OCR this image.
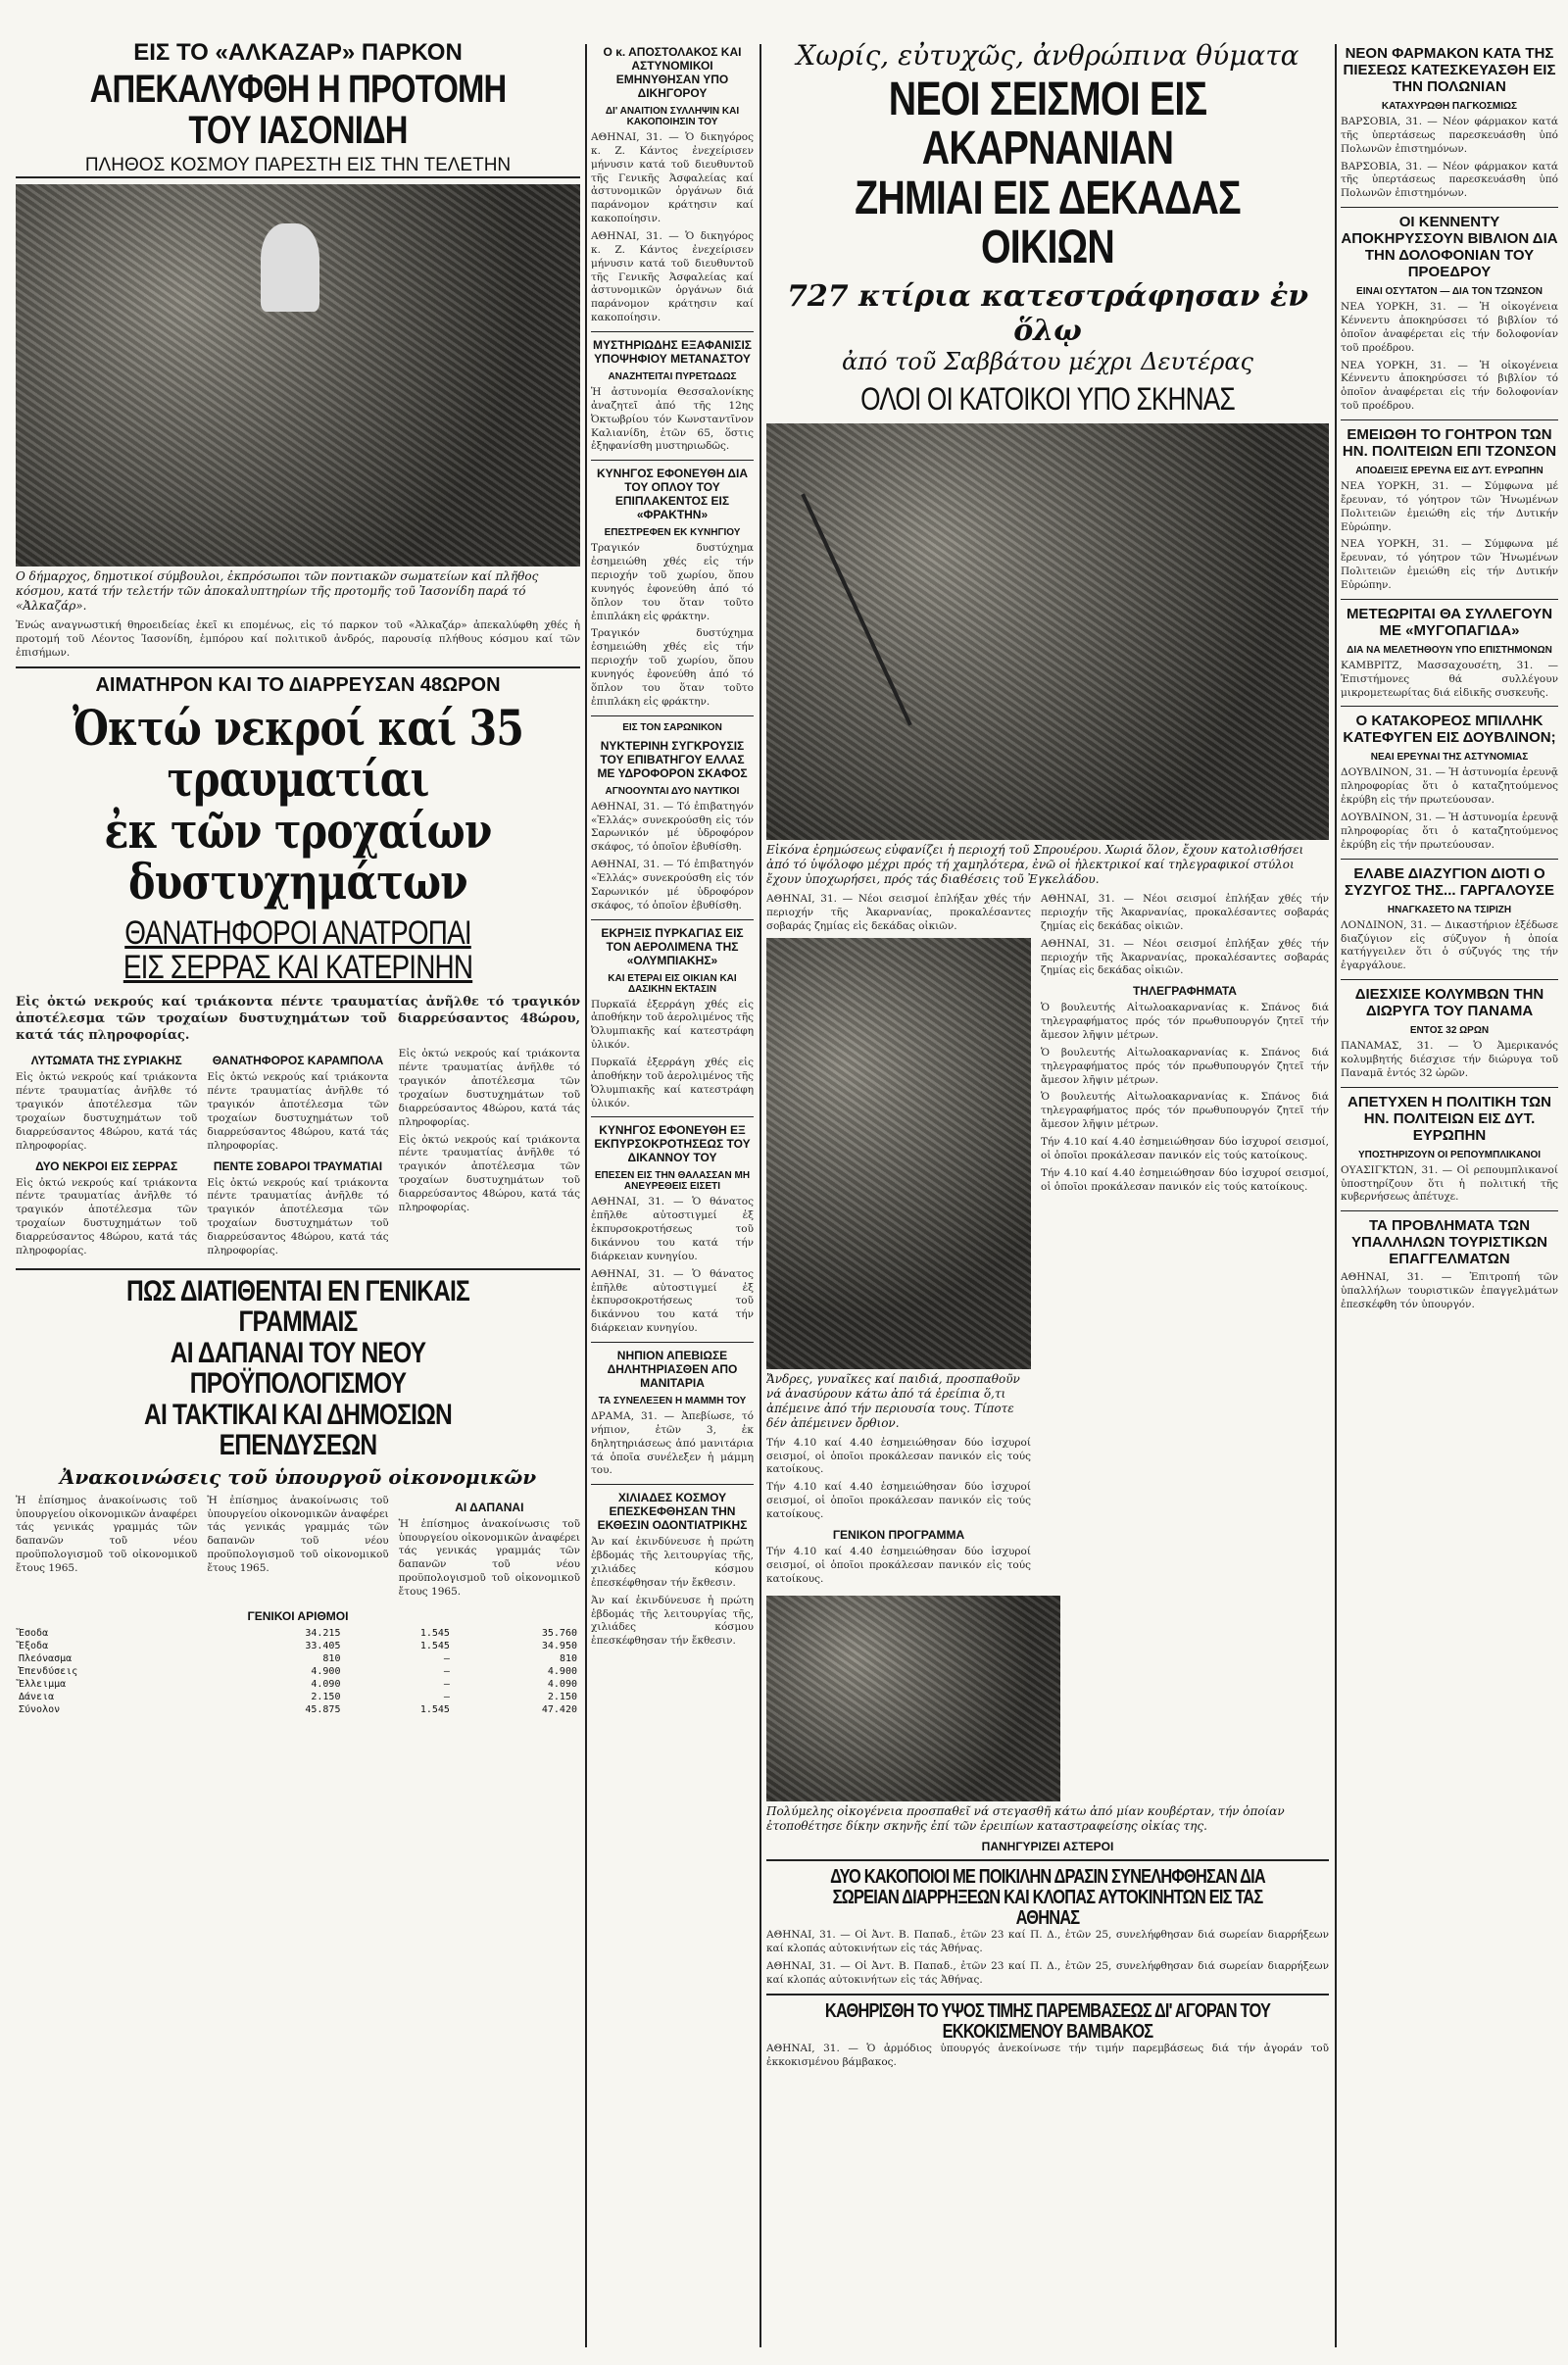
ΕΙΣ ΤΟ «ΑΛΚΑΖΑΡ» ΠΑΡΚΟΝ
ΑΠΕΚΑΛΥΦΘΗ Η ΠΡΟΤΟΜΗ ΤΟΥ ΙΑΣΟΝΙΔΗ
ΠΛΗΘΟΣ ΚΟΣΜΟΥ ΠΑΡΕΣΤΗ ΕΙΣ ΤΗΝ ΤΕΛΕΤΗΝ

Ο δήμαρχος, δημοτικοί σύμβουλοι, ἐκπρόσωποι τῶν ποντιακῶν σωματείων καί πλῆθος κόσμου, κατά τήν τελετήν τῶν ἀποκαλυπτηρίων τῆς προτομῆς τοῦ Ἰασονίδη παρά τό «Ἀλκαζάρ».

Ἐνώς αναγνωστική θηροειδείας ἐκεῖ κι επομένως, εἰς τό παρκον τοῦ «Ἀλκαζάρ» ἀπεκαλύφθη χθές ἡ προτομή τοῦ Λέοντος Ἰασονίδη, ἐμπόρου καί πολιτικοῦ ἀνδρός, παρουσίᾳ πλήθους κόσμου καί τῶν ἐπισήμων.

ΑΙΜΑΤΗΡΟΝ ΚΑΙ ΤΟ ΔΙΑΡΡΕΥΣΑΝ 48ΩΡΟΝ
Ὀκτώ νεκροί καί 35 τραυματίαι
ἐκ τῶν τροχαίων δυστυχημάτων
ΘΑΝΑΤΗΦΟΡΟΙ ΑΝΑΤΡΟΠΑΙ
ΕΙΣ ΣΕΡΡΑΣ ΚΑΙ ΚΑΤΕΡΙΝΗΝ

Εἰς ὀκτώ νεκρούς καί τριάκοντα πέντε τραυματίας ἀνῆλθε τό τραγικόν ἀποτέλεσμα τῶν τροχαίων δυστυχημάτων τοῦ διαρρεύσαντος 48ώρου, κατά τάς πληροφορίας.

ΛΥΤΩΜΑΤΑ ΤΗΣ ΣΥΡΙΑΚΗΣ

Εἰς ὀκτώ νεκρούς καί τριάκοντα πέντε τραυματίας ἀνῆλθε τό τραγικόν ἀποτέλεσμα τῶν τροχαίων δυστυχημάτων τοῦ διαρρεύσαντος 48ώρου, κατά τάς πληροφορίας.

ΔΥΟ ΝΕΚΡΟΙ ΕΙΣ ΣΕΡΡΑΣ

Εἰς ὀκτώ νεκρούς καί τριάκοντα πέντε τραυματίας ἀνῆλθε τό τραγικόν ἀποτέλεσμα τῶν τροχαίων δυστυχημάτων τοῦ διαρρεύσαντος 48ώρου, κατά τάς πληροφορίας.

ΘΑΝΑΤΗΦΟΡΟΣ ΚΑΡΑΜΠΟΛΑ

Εἰς ὀκτώ νεκρούς καί τριάκοντα πέντε τραυματίας ἀνῆλθε τό τραγικόν ἀποτέλεσμα τῶν τροχαίων δυστυχημάτων τοῦ διαρρεύσαντος 48ώρου, κατά τάς πληροφορίας.

ΠΕΝΤΕ ΣΟΒΑΡΟΙ ΤΡΑΥΜΑΤΙΑΙ

Εἰς ὀκτώ νεκρούς καί τριάκοντα πέντε τραυματίας ἀνῆλθε τό τραγικόν ἀποτέλεσμα τῶν τροχαίων δυστυχημάτων τοῦ διαρρεύσαντος 48ώρου, κατά τάς πληροφορίας.

Εἰς ὀκτώ νεκρούς καί τριάκοντα πέντε τραυματίας ἀνῆλθε τό τραγικόν ἀποτέλεσμα τῶν τροχαίων δυστυχημάτων τοῦ διαρρεύσαντος 48ώρου, κατά τάς πληροφορίας.

Εἰς ὀκτώ νεκρούς καί τριάκοντα πέντε τραυματίας ἀνῆλθε τό τραγικόν ἀποτέλεσμα τῶν τροχαίων δυστυχημάτων τοῦ διαρρεύσαντος 48ώρου, κατά τάς πληροφορίας.

ΠΩΣ ΔΙΑΤΙΘΕΝΤΑΙ ΕΝ ΓΕΝΙΚΑΙΣ ΓΡΑΜΜΑΙΣ
ΑΙ ΔΑΠΑΝΑΙ ΤΟΥ ΝΕΟΥ ΠΡΟΫΠΟΛΟΓΙΣΜΟΥ
ΑΙ ΤΑΚΤΙΚΑΙ ΚΑΙ ΔΗΜΟΣΙΩΝ ΕΠΕΝΔΥΣΕΩΝ
Ἀνακοινώσεις τοῦ ὑπουργοῦ οἰκονομικῶν

Ἡ ἐπίσημος ἀνακοίνωσις τοῦ ὑπουργείου οἰκονομικῶν ἀναφέρει τάς γενικάς γραμμάς τῶν δαπανῶν τοῦ νέου προϋπολογισμοῦ τοῦ οἰκονομικοῦ ἔτους 1965.

Ἡ ἐπίσημος ἀνακοίνωσις τοῦ ὑπουργείου οἰκονομικῶν ἀναφέρει τάς γενικάς γραμμάς τῶν δαπανῶν τοῦ νέου προϋπολογισμοῦ τοῦ οἰκονομικοῦ ἔτους 1965.

ΑΙ ΔΑΠΑΝΑΙ

Ἡ ἐπίσημος ἀνακοίνωσις τοῦ ὑπουργείου οἰκονομικῶν ἀναφέρει τάς γενικάς γραμμάς τῶν δαπανῶν τοῦ νέου προϋπολογισμοῦ τοῦ οἰκονομικοῦ ἔτους 1965.

ΓΕΝΙΚΟΙ ΑΡΙΘΜΟΙ
Ἔσοδα	34.215	1.545	35.760
Ἔξοδα	33.405	1.545	34.950
Πλεόνασμα	810	—	810
Ἐπενδύσεις	4.900	—	4.900
Ἔλλειμμα	4.090	—	4.090
Δάνεια	2.150	—	2.150
Σύνολον	45.875	1.545	47.420
Ο κ. ΑΠΟΣΤΟΛΑΚΟΣ ΚΑΙ ΑΣΤΥΝΟΜΙΚΟΙ ΕΜΗΝΥΘΗΣΑΝ ΥΠΟ ΔΙΚΗΓΟΡΟΥ
ΔΙ' ΑΝΑΙΤΙΟΝ ΣΥΛΛΗΨΙΝ ΚΑΙ ΚΑΚΟΠΟΙΗΣΙΝ ΤΟΥ

ΑΘΗΝΑΙ, 31. — Ὁ δικηγόρος κ. Ζ. Κάντος ἐνεχείρισεν μήνυσιν κατά τοῦ διευθυντοῦ τῆς Γενικῆς Ἀσφαλείας καί ἀστυνομικῶν ὀργάνων διά παράνομον κράτησιν καί κακοποίησιν.

ΑΘΗΝΑΙ, 31. — Ὁ δικηγόρος κ. Ζ. Κάντος ἐνεχείρισεν μήνυσιν κατά τοῦ διευθυντοῦ τῆς Γενικῆς Ἀσφαλείας καί ἀστυνομικῶν ὀργάνων διά παράνομον κράτησιν καί κακοποίησιν.

ΜΥΣΤΗΡΙΩΔΗΣ ΕΞΑΦΑΝΙΣΙΣ ΥΠΟΨΗΦΙΟΥ ΜΕΤΑΝΑΣΤΟΥ
ΑΝΑΖΗΤΕΙΤΑΙ ΠΥΡΕΤΩΔΩΣ

Ἡ ἀστυνομία Θεσσαλονίκης ἀναζητεῖ ἀπό τῆς 12ης Ὀκτωβρίου τόν Κωνσταντῖνον Καλιανίδη, ἐτῶν 65, ὅστις ἐξηφανίσθη μυστηριωδῶς.

ΚΥΝΗΓΟΣ ΕΦΟΝΕΥΘΗ ΔΙΑ ΤΟΥ ΟΠΛΟΥ ΤΟΥ ΕΠΙΠΛΑΚΕΝΤΟΣ ΕΙΣ «ΦΡΑΚΤΗΝ»
ΕΠΕΣΤΡΕΦΕΝ ΕΚ ΚΥΝΗΓΙΟΥ

Τραγικόν δυστύχημα ἐσημειώθη χθές εἰς τήν περιοχήν τοῦ χωρίου, ὅπου κυνηγός ἐφονεύθη ἀπό τό ὅπλον του ὅταν τοῦτο ἐπιπλάκη εἰς φράκτην.

Τραγικόν δυστύχημα ἐσημειώθη χθές εἰς τήν περιοχήν τοῦ χωρίου, ὅπου κυνηγός ἐφονεύθη ἀπό τό ὅπλον του ὅταν τοῦτο ἐπιπλάκη εἰς φράκτην.

ΕΙΣ ΤΟΝ ΣΑΡΩΝΙΚΟΝ
ΝΥΚΤΕΡΙΝΗ ΣΥΓΚΡΟΥΣΙΣ ΤΟΥ ΕΠΙΒΑΤΗΓΟΥ ΕΛΛΑΣ ΜΕ ΥΔΡΟΦΟΡΟΝ ΣΚΑΦΟΣ
ΑΓΝΟΟΥΝΤΑΙ ΔΥΟ ΝΑΥΤΙΚΟΙ

ΑΘΗΝΑΙ, 31. — Τό ἐπιβατηγόν «Ἑλλάς» συνεκρούσθη εἰς τόν Σαρωνικόν μέ ὑδροφόρον σκάφος, τό ὁποῖον ἐβυθίσθη.

ΑΘΗΝΑΙ, 31. — Τό ἐπιβατηγόν «Ἑλλάς» συνεκρούσθη εἰς τόν Σαρωνικόν μέ ὑδροφόρον σκάφος, τό ὁποῖον ἐβυθίσθη.

ΕΚΡΗΞΙΣ ΠΥΡΚΑΓΙΑΣ ΕΙΣ ΤΟΝ ΑΕΡΟΛΙΜΕΝΑ ΤΗΣ «ΟΛΥΜΠΙΑΚΗΣ»
ΚΑΙ ΕΤΕΡΑΙ ΕΙΣ ΟΙΚΙΑΝ ΚΑΙ ΔΑΣΙΚΗΝ ΕΚΤΑΣΙΝ

Πυρκαϊά ἐξερράγη χθές εἰς ἀποθήκην τοῦ ἀερολιμένος τῆς Ὀλυμπιακῆς καί κατεστράφη ὑλικόν.

Πυρκαϊά ἐξερράγη χθές εἰς ἀποθήκην τοῦ ἀερολιμένος τῆς Ὀλυμπιακῆς καί κατεστράφη ὑλικόν.

ΚΥΝΗΓΟΣ ΕΦΟΝΕΥΘΗ ΕΞ ΕΚΠΥΡΣΟΚΡΟΤΗΣΕΩΣ ΤΟΥ ΔΙΚΑΝΝΟΥ ΤΟΥ
ΕΠΕΣΕΝ ΕΙΣ ΤΗΝ ΘΑΛΑΣΣΑΝ ΜΗ ΑΝΕΥΡΕΘΕΙΣ ΕΙΣΕΤΙ

ΑΘΗΝΑΙ, 31. — Ὁ θάνατος ἐπῆλθε αὐτοστιγμεί ἐξ ἐκπυρσοκροτήσεως τοῦ δικάννου του κατά τήν διάρκειαν κυνηγίου.

ΑΘΗΝΑΙ, 31. — Ὁ θάνατος ἐπῆλθε αὐτοστιγμεί ἐξ ἐκπυρσοκροτήσεως τοῦ δικάννου του κατά τήν διάρκειαν κυνηγίου.

ΝΗΠΙΟΝ ΑΠΕΒΙΩΣΕ ΔΗΛΗΤΗΡΙΑΣΘΕΝ ΑΠΟ ΜΑΝΙΤΑΡΙΑ
ΤΑ ΣΥΝΕΛΕΞΕΝ Η ΜΑΜΜΗ ΤΟΥ

ΔΡΑΜΑ, 31. — Ἀπεβίωσε, τό νήπιον, ἐτῶν 3, ἐκ δηλητηριάσεως ἀπό μανιτάρια τά ὁποῖα συνέλεξεν ἡ μάμμη του.

ΧΙΛΙΑΔΕΣ ΚΟΣΜΟΥ ΕΠΕΣΚΕΦΘΗΣΑΝ ΤΗΝ ΕΚΘΕΣΙΝ ΟΔΟΝΤΙΑΤΡΙΚΗΣ

Ἀν καί ἐκινδύνευσε ἡ πρώτη ἑβδομάς τῆς λειτουργίας τῆς, χιλιάδες κόσμου ἐπεσκέφθησαν τήν ἔκθεσιν.

Ἀν καί ἐκινδύνευσε ἡ πρώτη ἑβδομάς τῆς λειτουργίας τῆς, χιλιάδες κόσμου ἐπεσκέφθησαν τήν ἔκθεσιν.

Χωρίς, εὐτυχῶς, ἀνθρώπινα θύματα
ΝΕΟΙ ΣΕΙΣΜΟΙ ΕΙΣ ΑΚΑΡΝΑΝΙΑΝ
ΖΗΜΙΑΙ ΕΙΣ ΔΕΚΑΔΑΣ ΟΙΚΙΩΝ
727 κτίρια κατεστράφησαν ἐν ὅλῳ
ἀπό τοῦ Σαββάτου μέχρι Δευτέρας
ΟΛΟΙ ΟΙ ΚΑΤΟΙΚΟΙ ΥΠΟ ΣΚΗΝΑΣ

Εἰκόνα ἐρημώσεως εὐφανίζει ἡ περιοχή τοῦ Σπρουέρου. Χωριά ὅλον, ἔχουν κατολισθήσει ἀπό τό ὑψόλοφο μέχρι πρός τή χαμηλότερα, ἐνῶ οἱ ἠλεκτρικοί καί τηλεγραφικοί στύλοι ἔχουν ὑποχωρήσει, πρός τάς διαθέσεις τοῦ Ἐγκελάδου.

ΑΘΗΝΑΙ, 31. — Νέοι σεισμοί ἐπλήξαν χθές τήν περιοχήν τῆς Ἀκαρνανίας, προκαλέσαντες σοβαράς ζημίας εἰς δεκάδας οἰκιῶν.

Ἄνδρες, γυναῖκες καί παιδιά, προσπαθοῦν νά ἀνασύρουν κάτω ἀπό τά ἐρείπια ὅ,τι ἀπέμεινε ἀπό τήν περιουσία τους. Τίποτε δέν ἀπέμεινεν ὄρθιον.

Τήν 4.10 καί 4.40 ἐσημειώθησαν δύο ἰσχυροί σεισμοί, οἱ ὁποῖοι προκάλεσαν πανικόν εἰς τούς κατοίκους.

Τήν 4.10 καί 4.40 ἐσημειώθησαν δύο ἰσχυροί σεισμοί, οἱ ὁποῖοι προκάλεσαν πανικόν εἰς τούς κατοίκους.

ΓΕΝΙΚΟΝ ΠΡΟΓΡΑΜΜΑ

Τήν 4.10 καί 4.40 ἐσημειώθησαν δύο ἰσχυροί σεισμοί, οἱ ὁποῖοι προκάλεσαν πανικόν εἰς τούς κατοίκους.

ΑΘΗΝΑΙ, 31. — Νέοι σεισμοί ἐπλήξαν χθές τήν περιοχήν τῆς Ἀκαρνανίας, προκαλέσαντες σοβαράς ζημίας εἰς δεκάδας οἰκιῶν.

ΑΘΗΝΑΙ, 31. — Νέοι σεισμοί ἐπλήξαν χθές τήν περιοχήν τῆς Ἀκαρνανίας, προκαλέσαντες σοβαράς ζημίας εἰς δεκάδας οἰκιῶν.

ΤΗΛΕΓΡΑΦΗΜΑΤΑ

Ὁ βουλευτής Αἰτωλοακαρνανίας κ. Σπάνος διά τηλεγραφήματος πρός τόν πρωθυπουργόν ζητεῖ τήν ἄμεσον λῆψιν μέτρων.

Ὁ βουλευτής Αἰτωλοακαρνανίας κ. Σπάνος διά τηλεγραφήματος πρός τόν πρωθυπουργόν ζητεῖ τήν ἄμεσον λῆψιν μέτρων.

Ὁ βουλευτής Αἰτωλοακαρνανίας κ. Σπάνος διά τηλεγραφήματος πρός τόν πρωθυπουργόν ζητεῖ τήν ἄμεσον λῆψιν μέτρων.

Τήν 4.10 καί 4.40 ἐσημειώθησαν δύο ἰσχυροί σεισμοί, οἱ ὁποῖοι προκάλεσαν πανικόν εἰς τούς κατοίκους.

Τήν 4.10 καί 4.40 ἐσημειώθησαν δύο ἰσχυροί σεισμοί, οἱ ὁποῖοι προκάλεσαν πανικόν εἰς τούς κατοίκους.

Πολύμελης οἰκογένεια προσπαθεῖ νά στεγασθῆ κάτω ἀπό μίαν κουβέρταν, τήν ὁποίαν ἐτοποθέτησε δίκην σκηνῆς ἐπί τῶν ἐρειπίων καταστραφείσης οἰκίας της.

ΠΑΝΗΓΥΡΙΖΕΙ ΑΣΤΕΡΟΙ
ΔΥΟ ΚΑΚΟΠΟΙΟΙ ΜΕ ΠΟΙΚΙΛΗΝ ΔΡΑΣΙΝ ΣΥΝΕΛΗΦΘΗΣΑΝ ΔΙΑ ΣΩΡΕΙΑΝ ΔΙΑΡΡΗΞΕΩΝ ΚΑΙ ΚΛΟΠΑΣ ΑΥΤΟΚΙΝΗΤΩΝ ΕΙΣ ΤΑΣ ΑΘΗΝΑΣ

ΑΘΗΝΑΙ, 31. — Οἱ Ἀντ. Β. Παπαδ., ἐτῶν 23 καί Π. Δ., ἐτῶν 25, συνελήφθησαν διά σωρείαν διαρρήξεων καί κλοπάς αὐτοκινήτων εἰς τάς Ἀθήνας.

ΑΘΗΝΑΙ, 31. — Οἱ Ἀντ. Β. Παπαδ., ἐτῶν 23 καί Π. Δ., ἐτῶν 25, συνελήφθησαν διά σωρείαν διαρρήξεων καί κλοπάς αὐτοκινήτων εἰς τάς Ἀθήνας.

ΚΑΘΗΡΙΣΘΗ ΤΟ ΥΨΟΣ ΤΙΜΗΣ ΠΑΡΕΜΒΑΣΕΩΣ ΔΙ' ΑΓΟΡΑΝ ΤΟΥ ΕΚΚΟΚΙΣΜΕΝΟΥ ΒΑΜΒΑΚΟΣ

ΑΘΗΝΑΙ, 31. — Ὁ ἁρμόδιος ὑπουργός ἀνεκοίνωσε τήν τιμήν παρεμβάσεως διά τήν ἀγοράν τοῦ ἐκκοκισμένου βάμβακος.

ΝΕΟΝ ΦΑΡΜΑΚΟΝ ΚΑΤΑ ΤΗΣ ΠΙΕΣΕΩΣ ΚΑΤΕΣΚΕΥΑΣΘΗ ΕΙΣ ΤΗΝ ΠΟΛΩΝΙΑΝ
ΚΑΤΑΧΥΡΩΘΗ ΠΑΓΚΟΣΜΙΩΣ

ΒΑΡΣΟΒΙΑ, 31. — Νέον φάρμακον κατά τῆς ὑπερτάσεως παρεσκευάσθη ὑπό Πολωνῶν ἐπιστημόνων.

ΒΑΡΣΟΒΙΑ, 31. — Νέον φάρμακον κατά τῆς ὑπερτάσεως παρεσκευάσθη ὑπό Πολωνῶν ἐπιστημόνων.

ΟΙ ΚΕΝΝΕΝΤΥ ΑΠΟΚΗΡΥΣΣΟΥΝ ΒΙΒΛΙΟΝ ΔΙΑ ΤΗΝ ΔΟΛΟΦΟΝΙΑΝ ΤΟΥ ΠΡΟΕΔΡΟΥ
ΕΙΝΑΙ ΟΣΥΤΑΤΟΝ — ΔΙΑ ΤΟΝ ΤΖΩΝΣΟΝ

ΝΕΑ ΥΟΡΚΗ, 31. — Ἡ οἰκογένεια Κέννεντυ ἀποκηρύσσει τό βιβλίον τό ὁποῖον ἀναφέρεται εἰς τήν δολοφονίαν τοῦ προέδρου.

ΝΕΑ ΥΟΡΚΗ, 31. — Ἡ οἰκογένεια Κέννεντυ ἀποκηρύσσει τό βιβλίον τό ὁποῖον ἀναφέρεται εἰς τήν δολοφονίαν τοῦ προέδρου.

ΕΜΕΙΩΘΗ ΤΟ ΓΟΗΤΡΟΝ ΤΩΝ ΗΝ. ΠΟΛΙΤΕΙΩΝ ΕΠΙ ΤΖΟΝΣΟΝ
ΑΠΟΔΕΙΞΙΣ ΕΡΕΥΝΑ ΕΙΣ ΔΥΤ. ΕΥΡΩΠΗΝ

ΝΕΑ ΥΟΡΚΗ, 31. — Σύμφωνα μέ ἔρευναν, τό γόητρον τῶν Ἡνωμένων Πολιτειῶν ἐμειώθη εἰς τήν Δυτικήν Εὐρώπην.

ΝΕΑ ΥΟΡΚΗ, 31. — Σύμφωνα μέ ἔρευναν, τό γόητρον τῶν Ἡνωμένων Πολιτειῶν ἐμειώθη εἰς τήν Δυτικήν Εὐρώπην.

ΜΕΤΕΩΡΙΤΑΙ ΘΑ ΣΥΛΛΕΓΟΥΝ ΜΕ «ΜΥΓΟΠΑΓΙΔΑ»
ΔΙΑ ΝΑ ΜΕΛΕΤΗΘΟΥΝ ΥΠΟ ΕΠΙΣΤΗΜΟΝΩΝ

ΚΑΜΒΡΙΤΖ, Μασσαχουσέτη, 31. — Ἐπιστήμονες θά συλλέγουν μικρομετεωρίτας διά εἰδικῆς συσκευῆς.

Ο ΚΑΤΑΚΟΡΕΟΣ ΜΠΙΛΛΗΚ ΚΑΤΕΦΥΓΕΝ ΕΙΣ ΔΟΥΒΛΙΝΟΝ;
ΝΕΑΙ ΕΡΕΥΝΑΙ ΤΗΣ ΑΣΤΥΝΟΜΙΑΣ

ΔΟΥΒΛΙΝΟΝ, 31. — Ἡ ἀστυνομία ἐρευνᾷ πληροφορίας ὅτι ὁ καταζητούμενος ἐκρύβη εἰς τήν πρωτεύουσαν.

ΔΟΥΒΛΙΝΟΝ, 31. — Ἡ ἀστυνομία ἐρευνᾷ πληροφορίας ὅτι ὁ καταζητούμενος ἐκρύβη εἰς τήν πρωτεύουσαν.

ΕΛΑΒΕ ΔΙΑΖΥΓΙΟΝ ΔΙΟΤΙ Ο ΣΥΖΥΓΟΣ ΤΗΣ... ΓΑΡΓΑΛΟΥΣΕ
ΗΝΑΓΚΑΣΕΤΟ ΝΑ ΤΣΙΡΙΖΗ

ΛΟΝΔΙΝΟΝ, 31. — Δικαστήριον ἐξέδωσε διαζύγιον εἰς σύζυγον ἡ ὁποία κατήγγειλεν ὅτι ὁ σύζυγός της τήν ἐγαργάλουε.

ΔΙΕΣΧΙΣΕ ΚΟΛΥΜΒΩΝ ΤΗΝ ΔΙΩΡΥΓΑ ΤΟΥ ΠΑΝΑΜΑ
ΕΝΤΟΣ 32 ΩΡΩΝ

ΠΑΝΑΜΑΣ, 31. — Ὁ Ἀμερικανός κολυμβητής διέσχισε τήν διώρυγα τοῦ Παναμᾶ ἐντός 32 ὡρῶν.

ΑΠΕΤΥΧΕΝ Η ΠΟΛΙΤΙΚΗ ΤΩΝ ΗΝ. ΠΟΛΙΤΕΙΩΝ ΕΙΣ ΔΥΤ. ΕΥΡΩΠΗΝ
ΥΠΟΣΤΗΡΙΖΟΥΝ ΟΙ ΡΕΠΟΥΜΠΛΙΚΑΝΟΙ

ΟΥΑΣΙΓΚΤΩΝ, 31. — Οἱ ρεπουμπλικανοί ὑποστηρίζουν ὅτι ἡ πολιτική τῆς κυβερνήσεως ἀπέτυχε.

ΤΑ ΠΡΟΒΛΗΜΑΤΑ ΤΩΝ ΥΠΑΛΛΗΛΩΝ ΤΟΥΡΙΣΤΙΚΩΝ ΕΠΑΓΓΕΛΜΑΤΩΝ

ΑΘΗΝΑΙ, 31. — Ἐπιτροπή τῶν ὑπαλλήλων τουριστικῶν ἐπαγγελμάτων ἐπεσκέφθη τόν ὑπουργόν.
